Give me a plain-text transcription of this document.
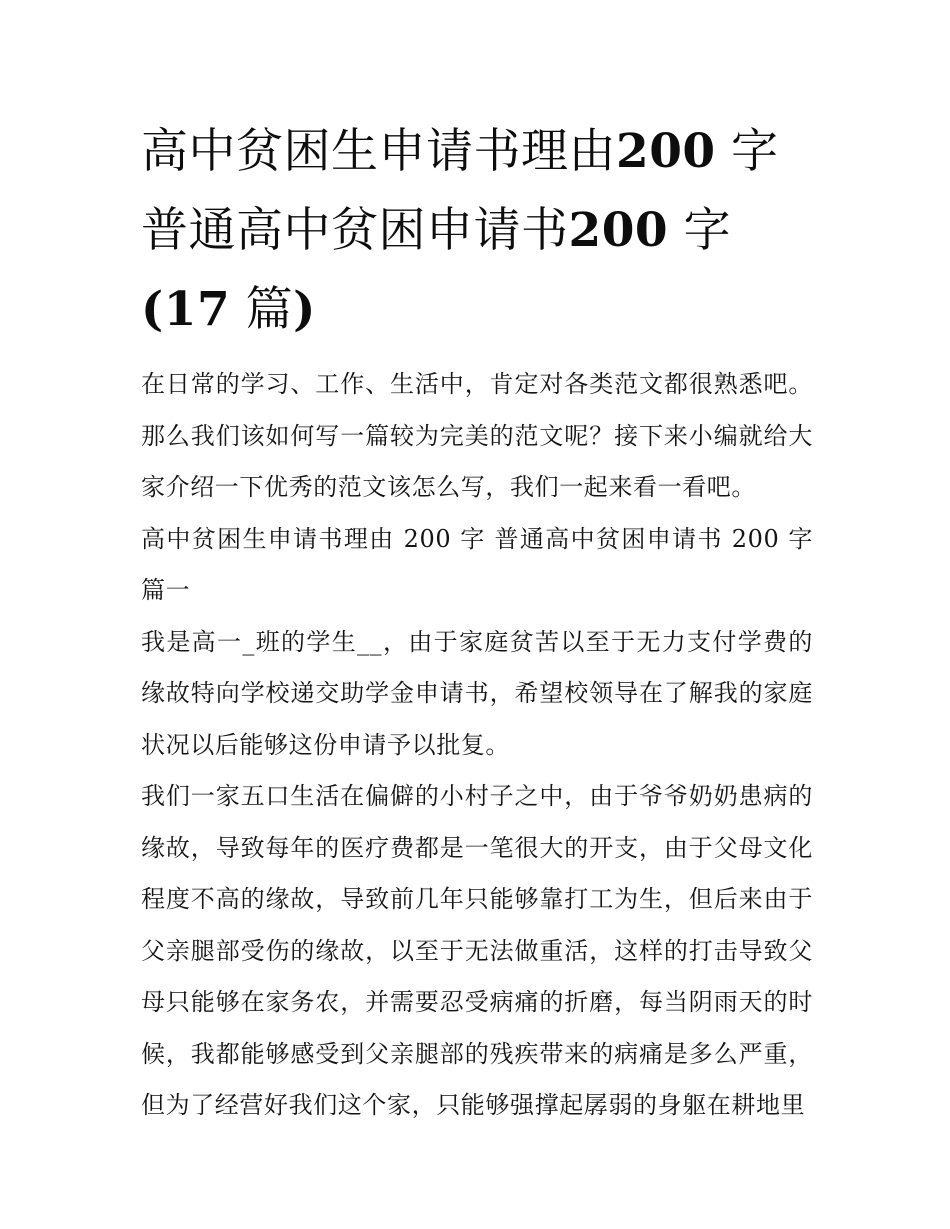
高中贫困生申请书理由200 字 普通高中贫困申请书200 字(17 篇)

在日常的学习、工作、生活中，肯定对各类范文都很熟悉吧。那么我们该如何写一篇较为完美的范文呢？接下来小编就给大家介绍一下优秀的范文该怎么写，我们一起来看一看吧。

高中贫困生申请书理由 200 字 普通高中贫困申请书 200 字篇一

我是高一_班的学生__，由于家庭贫苦以至于无力支付学费的缘故特向学校递交助学金申请书，希望校领导在了解我的家庭状况以后能够这份申请予以批复。

我们一家五口生活在偏僻的小村子之中，由于爷爷奶奶患病的缘故，导致每年的医疗费都是一笔很大的开支，由于父母文化程度不高的缘故，导致前几年只能够靠打工为生，但后来由于父亲腿部受伤的缘故，以至于无法做重活，这样的打击导致父母只能够在家务农，并需要忍受病痛的折磨，每当阴雨天的时候，我都能够感受到父亲腿部的残疾带来的病痛是多么严重，但为了经营好我们这个家，只能够强撑起孱弱的身躯在耕地里
